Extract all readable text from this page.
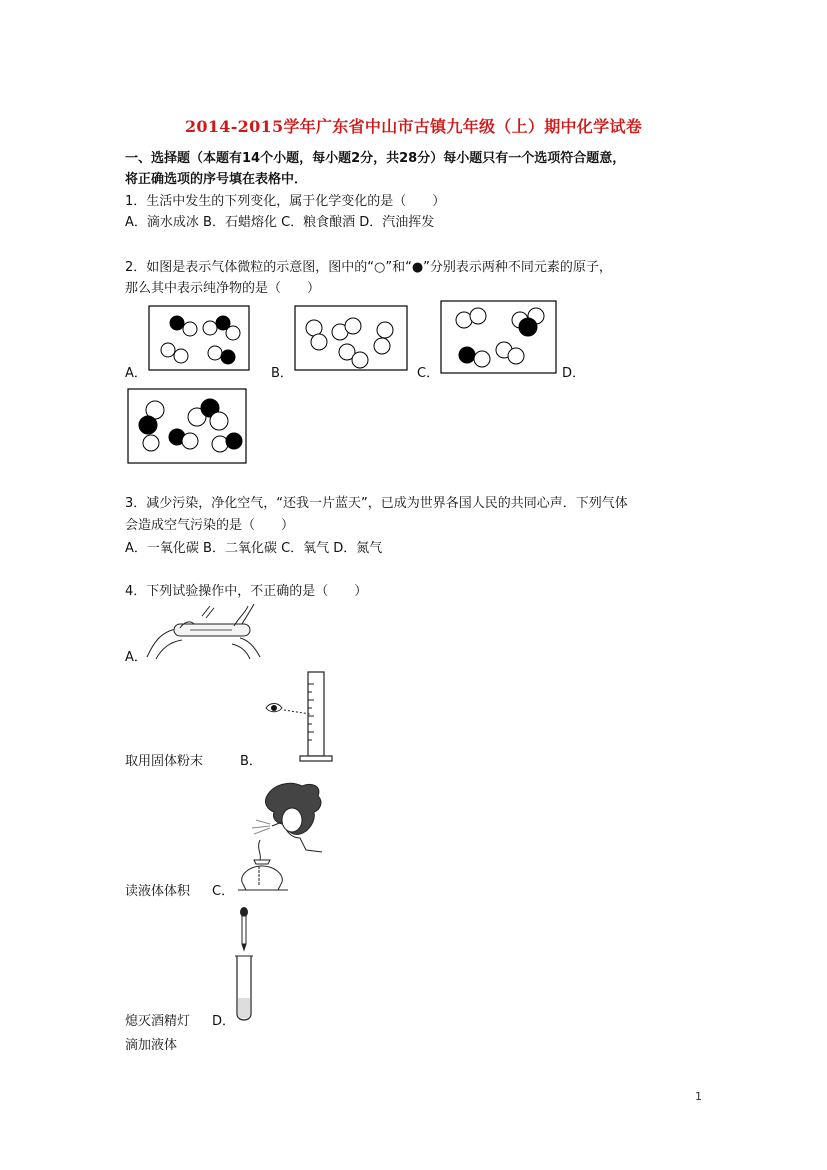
2014-2015学年广东省中山市古镇九年级（上）期中化学试卷
一、选择题（本题有14个小题，每小题2分，共28分）每小题只有一个选项符合题意，
将正确选项的序号填在表格中．
1．生活中发生的下列变化，属于化学变化的是（　　）
A．滴水成冰 B．石蜡熔化 C．粮食酿酒 D．汽油挥发
2．如图是表示气体微粒的示意图，图中的“○”和“●”分别表示两种不同元素的原子，
那么其中表示纯净物的是（　　）
A．	B．	C．	D．
3．减少污染，净化空气，“还我一片蓝天”，已成为世界各国人民的共同心声．下列气体
会造成空气污染的是（　　）
A．一氧化碳 B．二氧化碳 C．氧气 D．氮气
4．下列试验操作中，不正确的是（　　）
A．
取用固体粉末	B．
读液体体积 C．
熄灭酒精灯 D．
滴加液体
1
